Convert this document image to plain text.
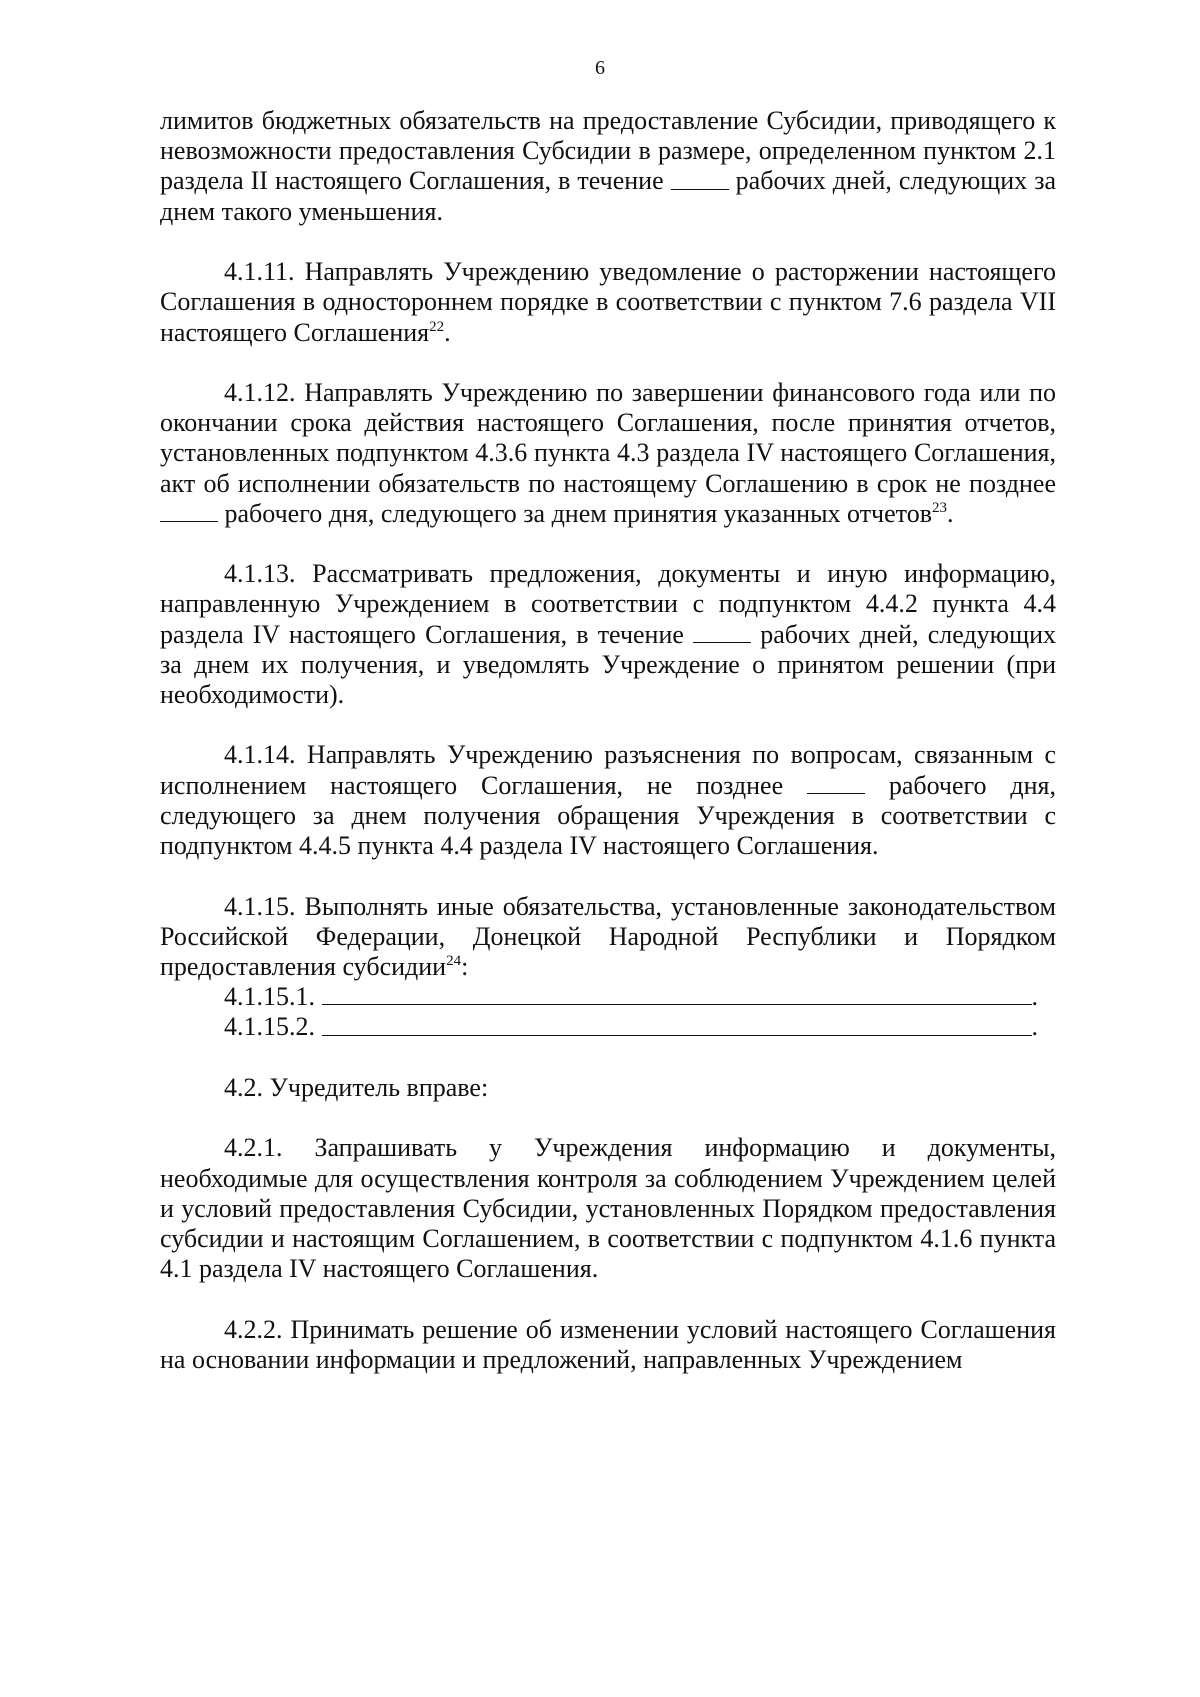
6

лимитов бюджетных обязательств на предоставление Субсидии, приводящего к невозможности предоставления Субсидии в размере, определенном пунктом 2.1 раздела II настоящего Соглашения, в течение	рабочих дней, следующих за днем такого уменьшения.

4.1.11. Направлять Учреждению уведомление о расторжении настоящего Соглашения в одностороннем порядке в соответствии с пунктом 7.6 раздела VII настоящего Соглашения$^{22}$.

4.1.12. Направлять Учреждению по завершении финансового года или по окончании срока действия настоящего Соглашения, после принятия отчетов, установленных подпунктом 4.3.6 пункта 4.3 раздела IV настоящего Соглашения, акт об исполнении обязательств по настоящему Соглашению в срок не позднее  рабочего дня, следующего за днем принятия указанных отчетов$^{23}$.

4.1.13. Рассматривать предложения, документы и иную информацию, направленную Учреждением в соответствии с подпунктом 4.4.2 пункта 4.4 раздела IV настоящего Соглашения, в течение	рабочих дней, следующих за днем их получения, и уведомлять Учреждение о принятом решении (при необходимости).

4.1.14. Направлять Учреждению разъяснения по вопросам, связанным с исполнением настоящего Соглашения, не позднее	рабочего дня, следующего за днем получения обращения Учреждения в соответствии с подпунктом 4.4.5 пункта 4.4 раздела IV настоящего Соглашения.

4.1.15. Выполнять иные обязательства, установленные законодательством Российской Федерации, Донецкой Народной Республики и Порядком предоставления субсидии$^{24}$:

4.1.15.1.	.

4.1.15.2.	.

4.2. Учредитель вправе:

4.2.1. Запрашивать у Учреждения информацию и документы, необходимые для осуществления контроля за соблюдением Учреждением целей и условий предоставления Субсидии, установленных Порядком предоставления субсидии и настоящим Соглашением, в соответствии с подпунктом 4.1.6 пункта 4.1 раздела IV настоящего Соглашения.

4.2.2. Принимать решение об изменении условий настоящего Соглашения на основании информации и предложений, направленных Учреждением
